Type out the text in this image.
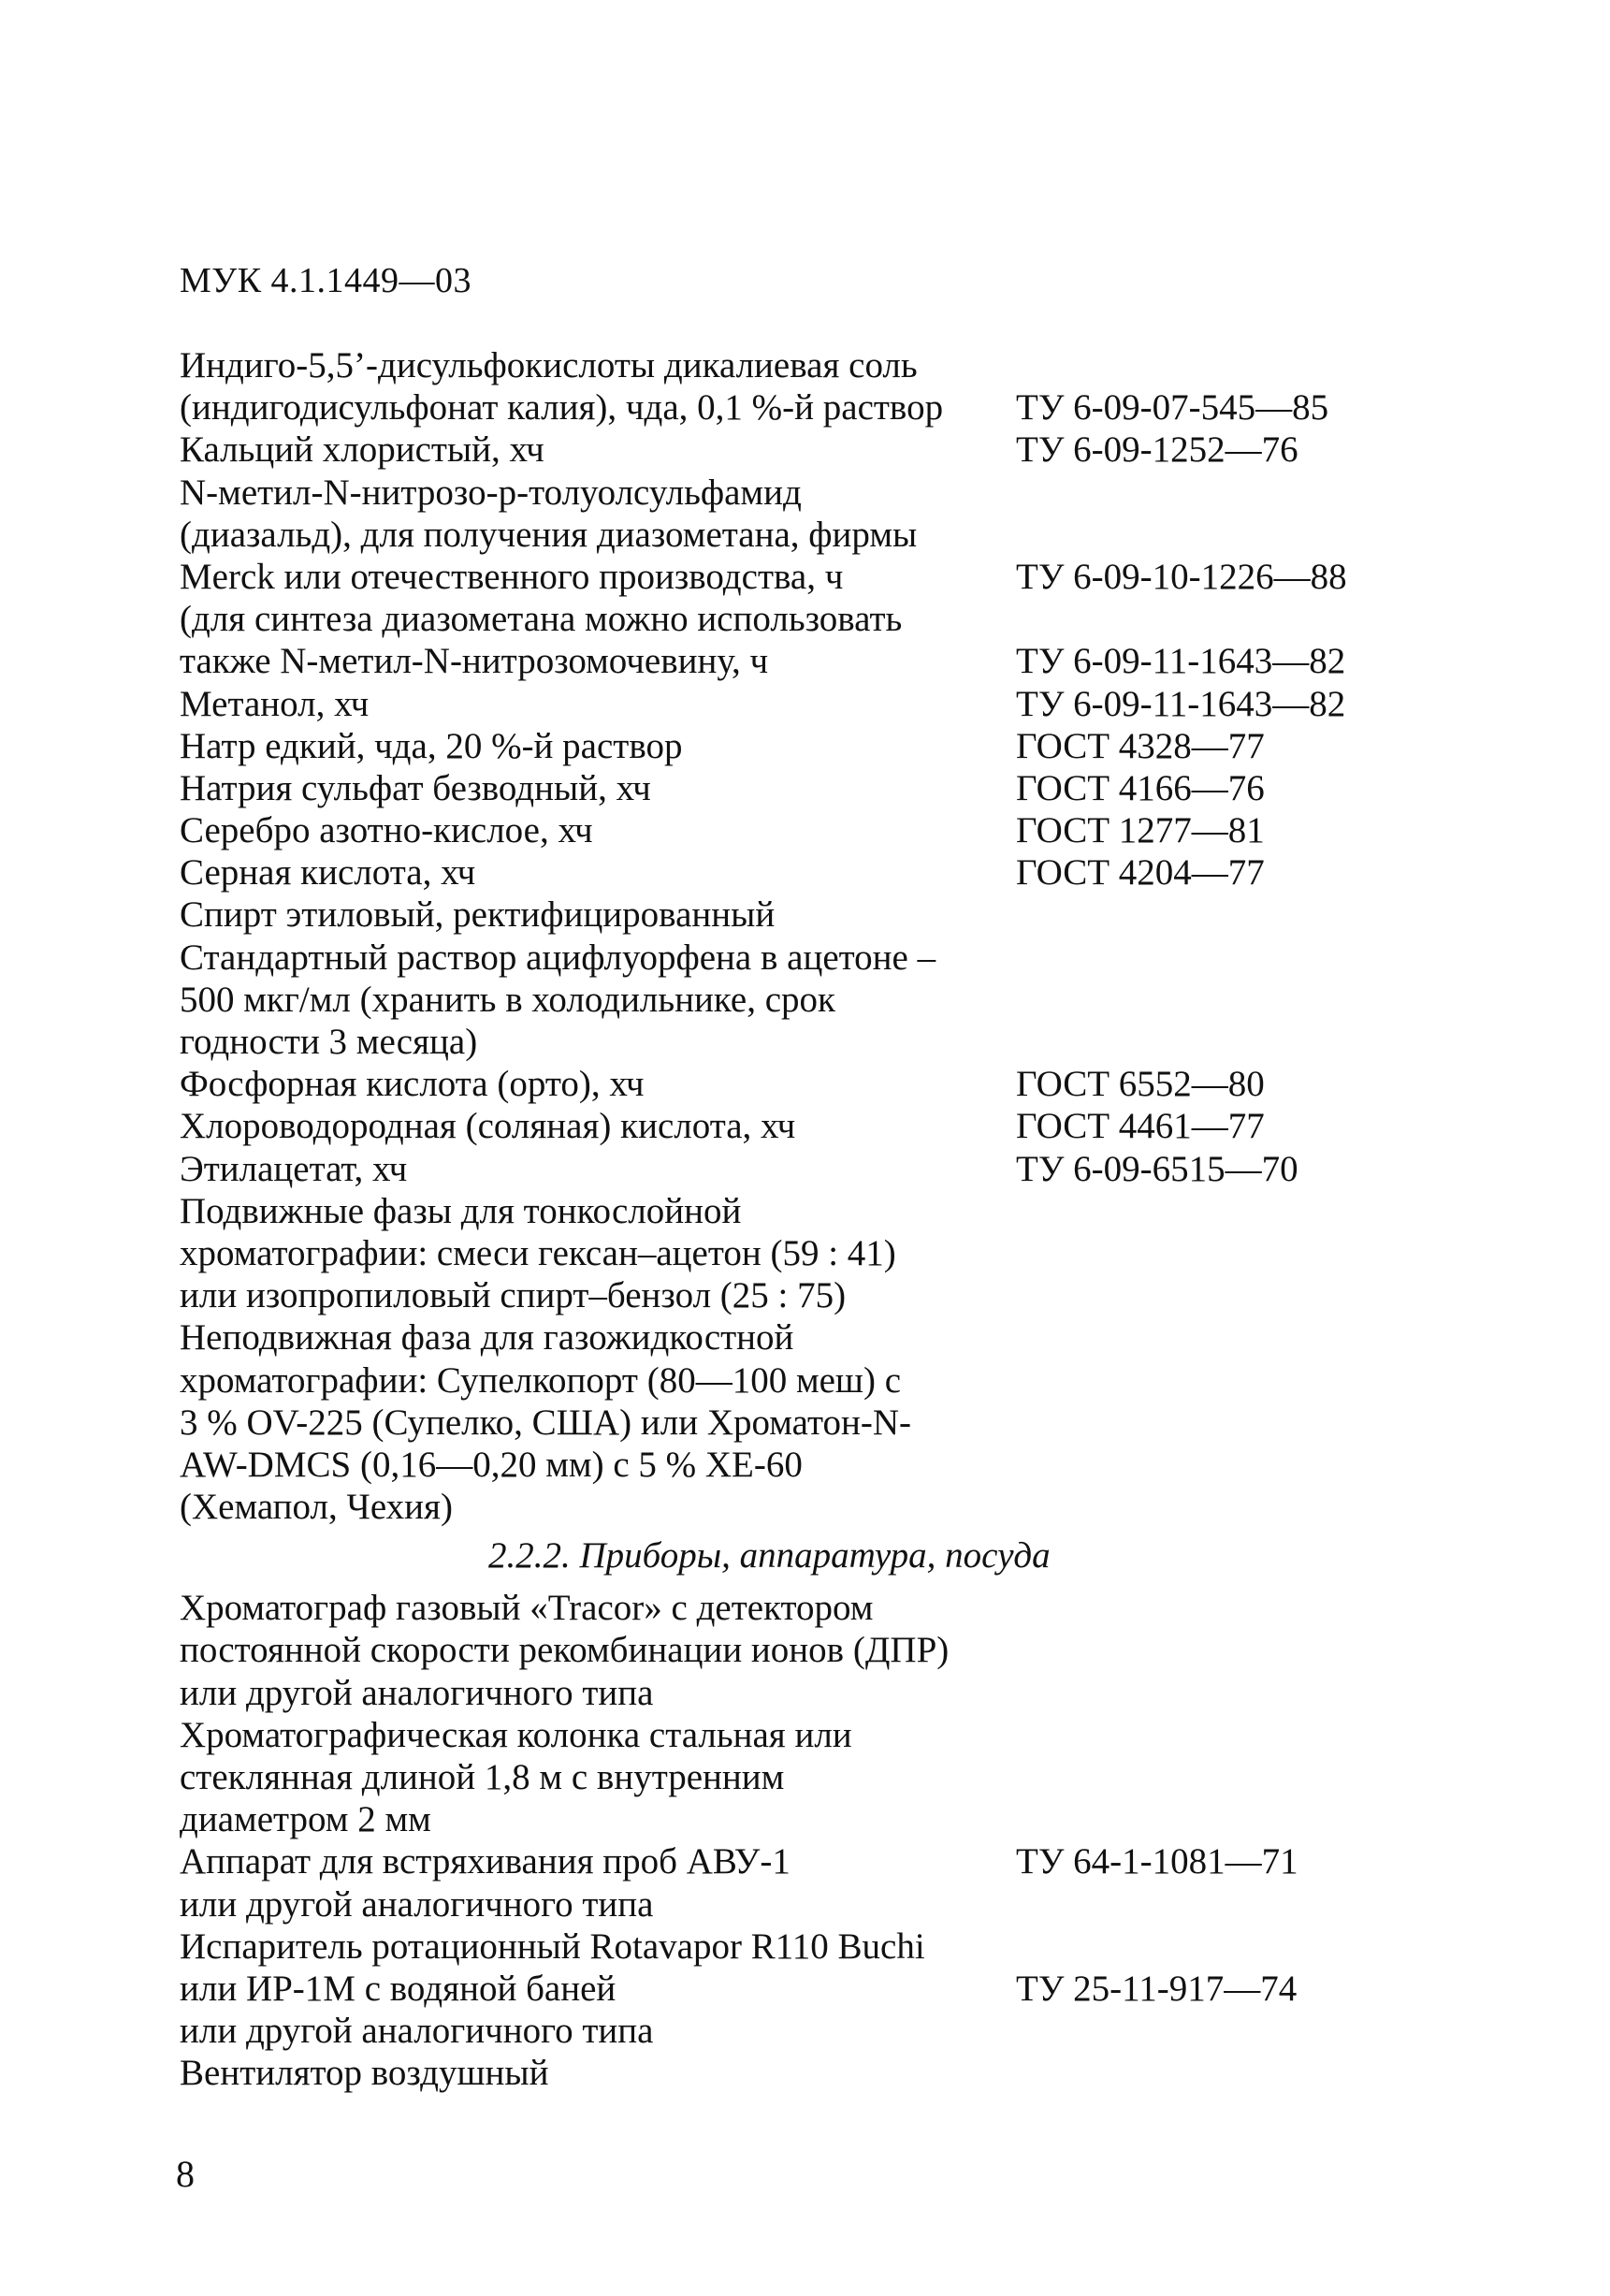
МУК 4.1.1449—03
Индиго-5,5’-дисульфокислоты дикалиевая соль
(индигодисульфонат калия), чда, 0,1 %-й раствор ТУ 6-09-07-545—85
Кальций хлористый, хч	ТУ 6-09-1252—76
N-метил-N-нитрозо-р-толуолсульфамид
(диазальд), для получения диазометана, фирмы
Merck или отечественного производства, ч	ТУ 6-09-10-1226—88
(для синтеза диазометана можно использовать
также N-метил-N-нитрозомочевину, ч	ТУ 6-09-11-1643—82
Метанол, хч	ТУ 6-09-11-1643—82
Натр едкий, чда, 20 %-й раствор	ГОСТ 4328—77
Натрия сульфат безводный, хч	ГОСТ 4166—76
Серебро азотно-кислое, хч	ГОСТ 1277—81
Серная кислота, хч	ГОСТ 4204—77
Спирт этиловый, ректифицированный
Стандартный раствор ацифлуорфена в ацетоне –
500 мкг/мл (хранить в холодильнике, срок
годности 3 месяца)
Фосфорная кислота (орто), хч	ГОСТ 6552—80
Хлороводородная (соляная) кислота, хч	ГОСТ 4461—77
Этилацетат, хч	ТУ 6-09-6515—70
Подвижные фазы для тонкослойной
хроматографии: смеси гексан–ацетон (59 : 41)
или изопропиловый спирт–бензол (25 : 75)
Неподвижная фаза для газожидкостной
хроматографии: Супелкопорт (80—100 меш) с
3 % OV-225 (Супелко, США) или Хроматон-N-
AW-DMCS (0,16—0,20 мм) с 5 % XE-60
(Хемапол, Чехия)
2.2.2. Приборы, аппаратура, посуда
Хроматограф газовый «Tracor» с детектором
постоянной скорости рекомбинации ионов (ДПР)
или другой аналогичного типа
Хроматографическая колонка стальная или
стеклянная длиной 1,8 м с внутренним
диаметром 2 мм
Аппарат для встряхивания проб АВУ-1	ТУ 64-1-1081—71
или другой аналогичного типа
Испаритель ротационный Rotavapor R110 Buchi
или ИР-1М с водяной баней	ТУ 25-11-917—74
или другой аналогичного типа
Вентилятор воздушный
8
